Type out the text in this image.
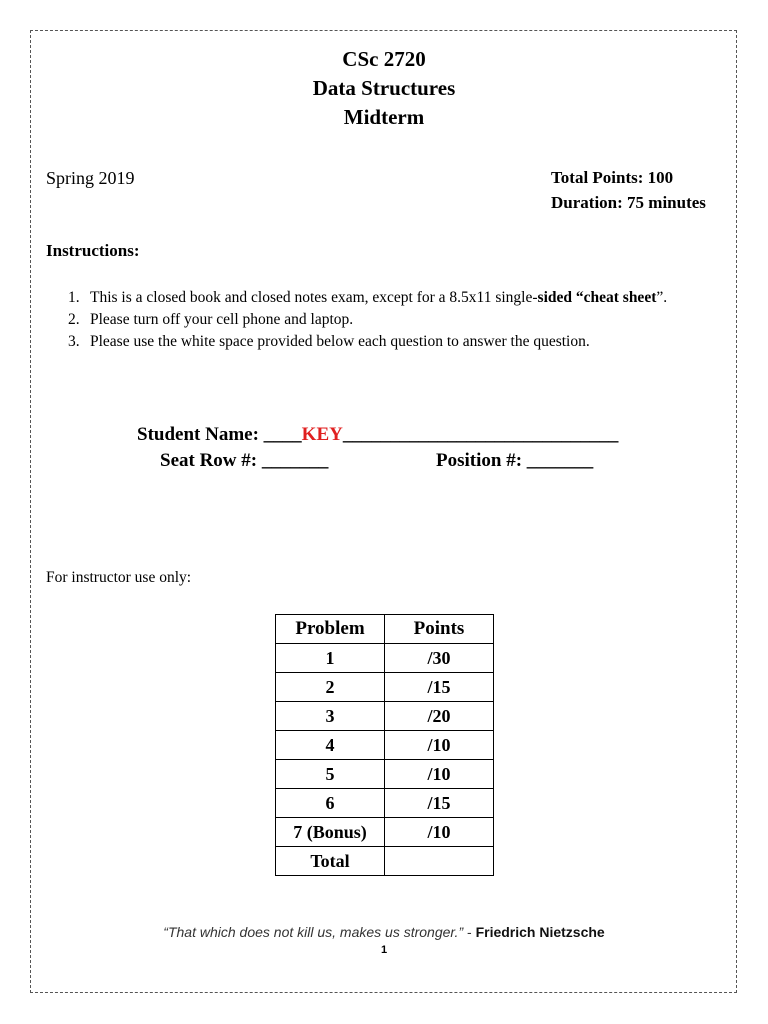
CSc 2720
Data Structures
Midterm
Spring 2019	Total Points: 100
Duration: 75 minutes
Instructions:
1. This is a closed book and closed notes exam, except for a 8.5x11 single-sided “cheat sheet”.
2. Please turn off your cell phone and laptop.
3. Please use the white space provided below each question to answer the question.
Student Name: ____KEY_____________________________
Seat Row #: _______	Position #: _______
For instructor use only:
Problem	Points
1	/30
2	/15
3	/20
4	/10
5	/10
6	/15
7 (Bonus)	/10
Total	
“That which does not kill us, makes us stronger.” - Friedrich Nietzsche
1
